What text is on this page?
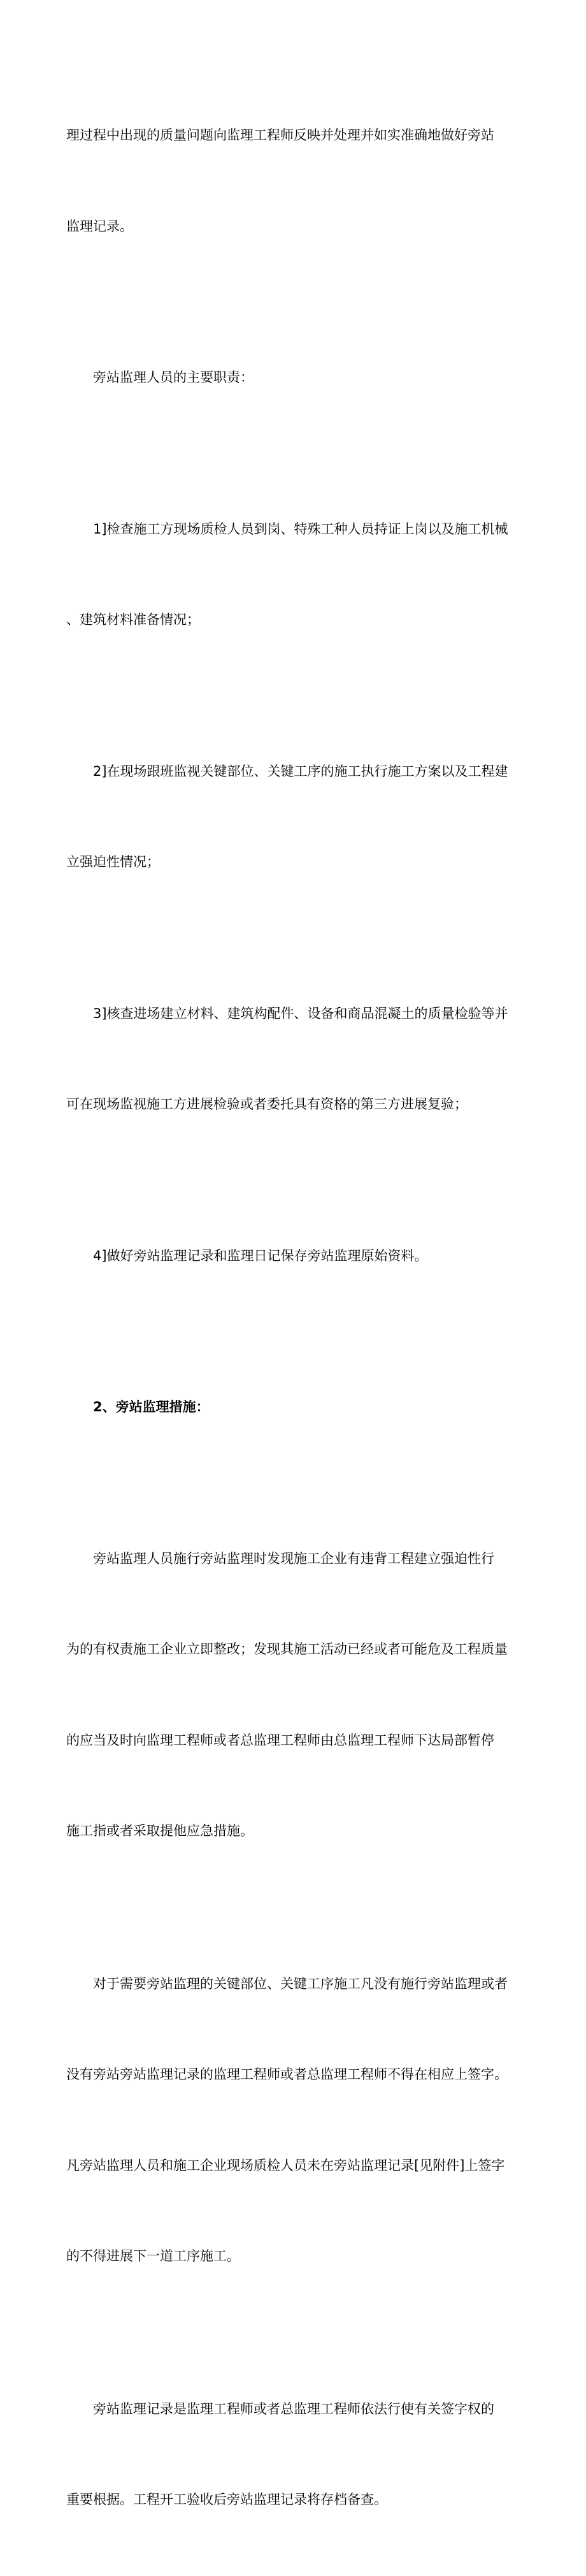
理过程中出现的质量问题向监理工程师反映并处理并如实准确地做好旁站

监理记录。

旁站监理人员的主要职责：

1]检查施工方现场质检人员到岗、特殊工种人员持证上岗以及施工机械

、建筑材料准备情况；

2]在现场跟班监视关键部位、关键工序的施工执行施工方案以及工程建

立强迫性情况；

3]核查进场建立材料、建筑构配件、设备和商品混凝土的质量检验等并

可在现场监视施工方进展检验或者委托具有资格的第三方进展复验；

4]做好旁站监理记录和监理日记保存旁站监理原始资料。

2、旁站监理措施：

旁站监理人员施行旁站监理时发现施工企业有违背工程建立强迫性行

为的有权责施工企业立即整改；发现其施工活动已经或者可能危及工程质量

的应当及时向监理工程师或者总监理工程师由总监理工程师下达局部暂停

施工指或者采取提他应急措施。

对于需要旁站监理的关键部位、关键工序施工凡没有施行旁站监理或者

没有旁站旁站监理记录的监理工程师或者总监理工程师不得在相应上签字。

凡旁站监理人员和施工企业现场质检人员未在旁站监理记录[见附件]上签字

的不得进展下一道工序施工。

旁站监理记录是监理工程师或者总监理工程师依法行使有关签字权的

重要根据。工程开工验收后旁站监理记录将存档备查。
